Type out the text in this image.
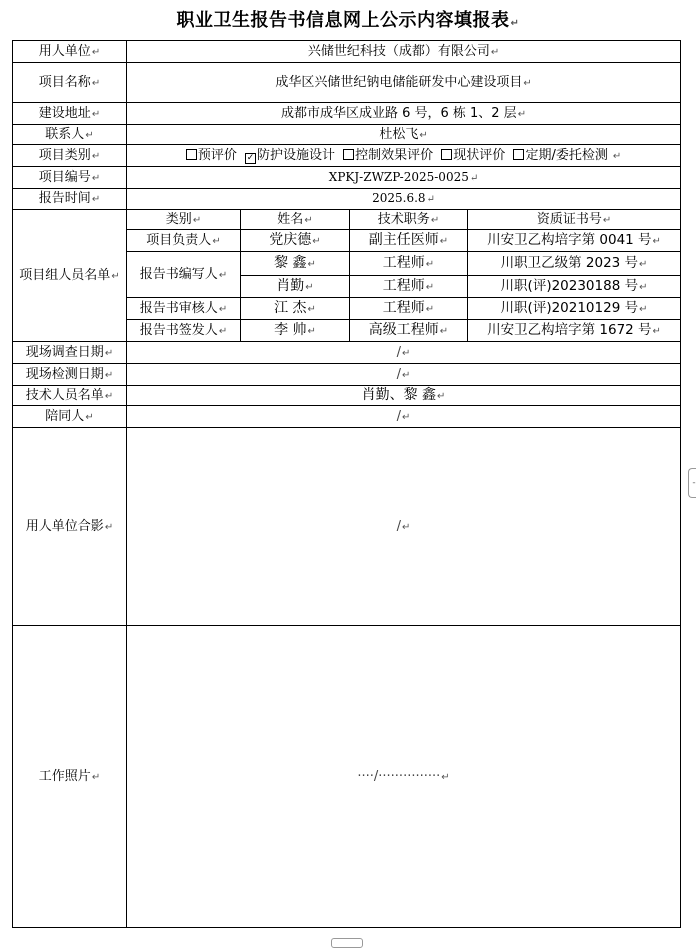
职业卫生报告书信息网上公示内容填报表↵
用人单位↵	兴储世纪科技（成都）有限公司↵			
项目名称↵	成华区兴储世纪钠电储能研发中心建设项目↵			
建设地址↵	成都市成华区成业路 6 号，6 栋 1、2 层↵			
联系人↵	杜松飞↵			
项目类别↵	预评价 ✓ 防护设施设计 控制效果评价 现状评价 定期/委托检测 ↵			
项目编号↵	XPKJ-ZWZP-2025-0025↵			
报告时间↵	2025.6.8↵			
项目组人员名单↵	类别↵	姓名↵	技术职务↵	资质证书号↵
	项目负责人↵	党庆德↵	副主任医师↵	川安卫乙构培字第 0041 号↵
	报告书编写人↵	黎 鑫↵	工程师↵	川职卫乙级第 2023 号↵
		肖勤↵	工程师↵	川职(评)20230188 号↵
	报告书审核人↵	江 杰↵	工程师↵	川职(评)20210129 号↵
	报告书签发人↵	李 帅↵	高级工程师↵	川安卫乙构培字第 1672 号↵
现场调查日期↵	/↵			
现场检测日期↵	/↵			
技术人员名单↵	肖勤、黎 鑫↵			
陪同人↵	/↵			
用人单位合影↵	/↵			
工作照片↵	····/···············↵			
-
